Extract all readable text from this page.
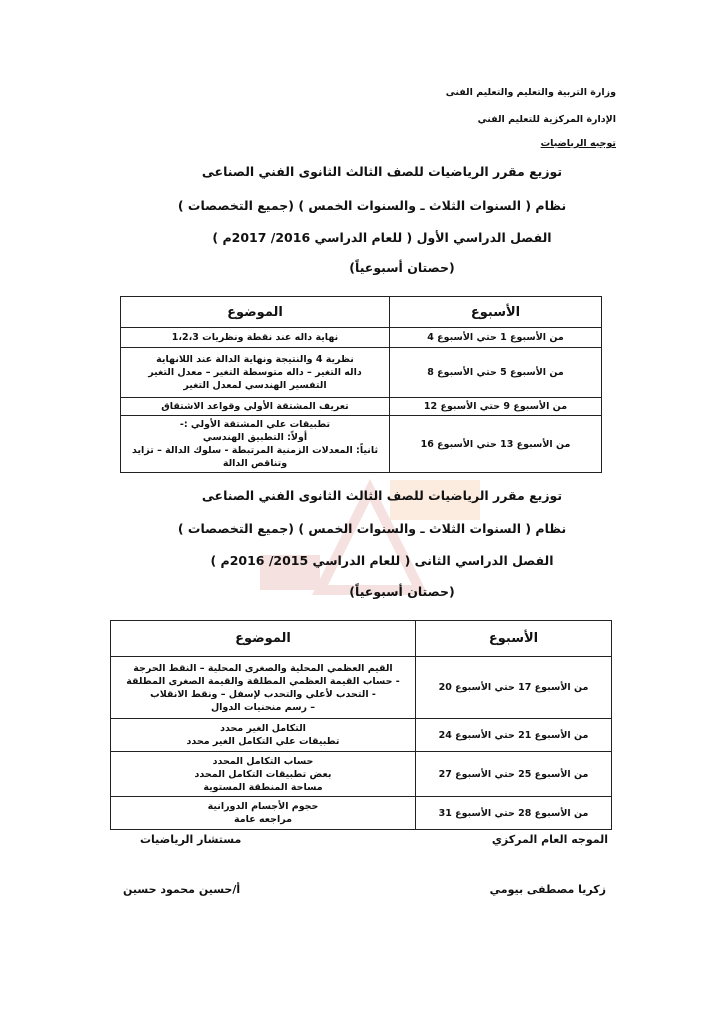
وزارة التربية والتعليم والتعليم الفنى
الإدارة المركزية للتعليم الفني
توجيه الرياضيات
توزيع مقرر الرياضيات للصف الثالث الثانوى الفني الصناعى
نظام ( السنوات الثلاث ـ والسنوات الخمس ) (جميع التخصصات )
الفصل الدراسي الأول ( للعام الدراسي 2016/ 2017م )
(حصتان أسبوعياً)
الأسبوع	الموضوع
من الأسبوع 1 حتي الأسبوع 4	نهاية داله عند نقطة ونظريات 1،2،3

من الأسبوع 5 حتي الأسبوع 8	نظرية 4 والنتيجة ونهاية الدالة عند اللانهاية
داله التغير – داله متوسطة التغير – معدل التغير
التفسير الهندسي لمعدل التغير

من الأسبوع 9 حتي الأسبوع 12	تعريف المشتقة الأولي وقواعد الاشتقاق

من الأسبوع 13 حتي الأسبوع 16	تطبيقات علي المشتقة الأولي :-
أولاً: التطبيق الهندسي
ثانياً: المعدلات الزمنية المرتبطة - سلوك الدالة – تزايد
وتناقص الدالة
توزيع مقرر الرياضيات للصف الثالث الثانوى الفني الصناعى
نظام ( السنوات الثلاث ـ والسنوات الخمس ) (جميع التخصصات )
الفصل الدراسي الثانى ( للعام الدراسي 2015/ 2016م )
(حصتان أسبوعياً)
الأسبوع	الموضوع
من الأسبوع 17 حتي الأسبوع 20	القيم العظمي المحلية والصغرى المحلية – النقط الحرجة
- حساب القيمة العظمي المطلقة والقيمة الصغرى المطلقة
- التحدب لأعلي والتحدب لإسفل – ونقط الانقلاب
– رسم منحنيات الدوال

من الأسبوع 21 حتي الأسبوع 24	التكامل الغير محدد
تطبيقات علي التكامل الغير محدد

من الأسبوع 25 حتي الأسبوع 27	حساب التكامل المحدد
بعض تطبيقات التكامل المحدد
مساحة المنطقة المستوية

من الأسبوع 28 حتي الأسبوع 31	حجوم الأجسام الدورانية
مراجعه عامة
الموجه العام المركزي
مستشار الرياضيات
زكريا مصطفى بيومي
أ/حسين محمود حسين
